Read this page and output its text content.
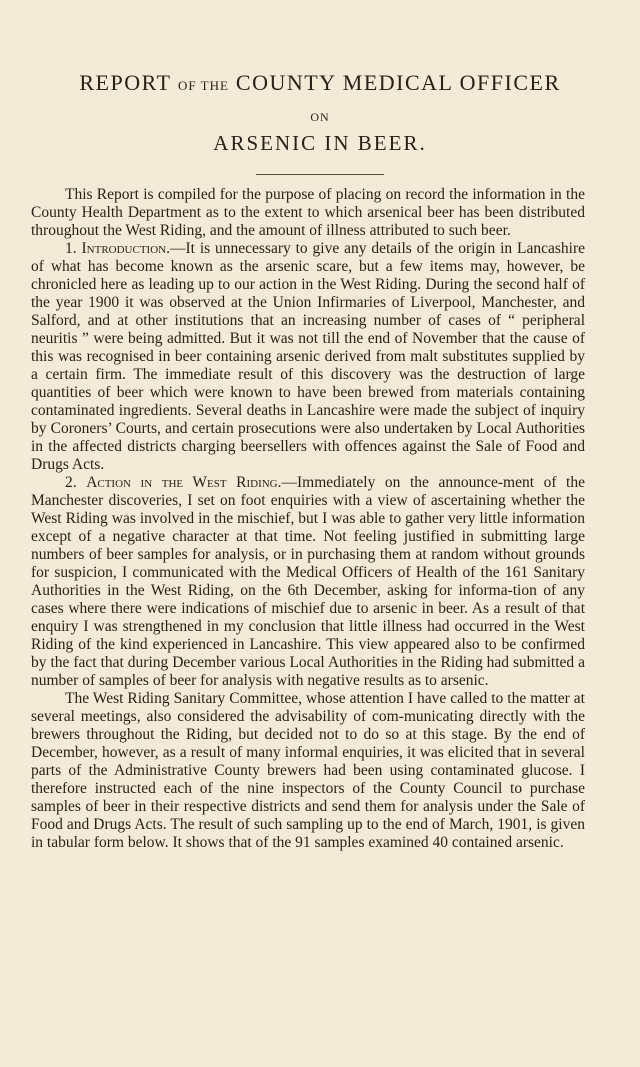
REPORT OF THE COUNTY MEDICAL OFFICER
ON
ARSENIC IN BEER.

This Report is compiled for the purpose of placing on record the information in the County Health Department as to the extent to which arsenical beer has been distributed throughout the West Riding, and the amount of illness attributed to such beer.

1. Introduction.—It is unnecessary to give any details of the origin in Lancashire of what has become known as the arsenic scare, but a few items may, however, be chronicled here as leading up to our action in the West Riding. During the second half of the year 1900 it was observed at the Union Infirmaries of Liverpool, Manchester, and Salford, and at other institutions that an increasing number of cases of “ peripheral neuritis ” were being admitted. But it was not till the end of November that the cause of this was recognised in beer containing arsenic derived from malt substitutes supplied by a certain firm. The immediate result of this discovery was the destruction of large quantities of beer which were known to have been brewed from materials containing contaminated ingredients. Several deaths in Lancashire were made the subject of inquiry by Coroners’ Courts, and certain prosecutions were also undertaken by Local Authorities in the affected districts charging beersellers with offences against the Sale of Food and Drugs Acts.

2. Action in the West Riding.—Immediately on the announce-ment of the Manchester discoveries, I set on foot enquiries with a view of ascertaining whether the West Riding was involved in the mischief, but I was able to gather very little information except of a negative character at that time. Not feeling justified in submitting large numbers of beer samples for analysis, or in purchasing them at random without grounds for suspicion, I communicated with the Medical Officers of Health of the 161 Sanitary Authorities in the West Riding, on the 6th December, asking for informa-tion of any cases where there were indications of mischief due to arsenic in beer. As a result of that enquiry I was strengthened in my conclusion that little illness had occurred in the West Riding of the kind experienced in Lancashire. This view appeared also to be confirmed by the fact that during December various Local Authorities in the Riding had submitted a number of samples of beer for analysis with negative results as to arsenic.

The West Riding Sanitary Committee, whose attention I have called to the matter at several meetings, also considered the advisability of com-municating directly with the brewers throughout the Riding, but decided not to do so at this stage. By the end of December, however, as a result of many informal enquiries, it was elicited that in several parts of the Administrative County brewers had been using contaminated glucose. I therefore instructed each of the nine inspectors of the County Council to purchase samples of beer in their respective districts and send them for analysis under the Sale of Food and Drugs Acts. The result of such sampling up to the end of March, 1901, is given in tabular form below. It shows that of the 91 samples examined 40 contained arsenic.
